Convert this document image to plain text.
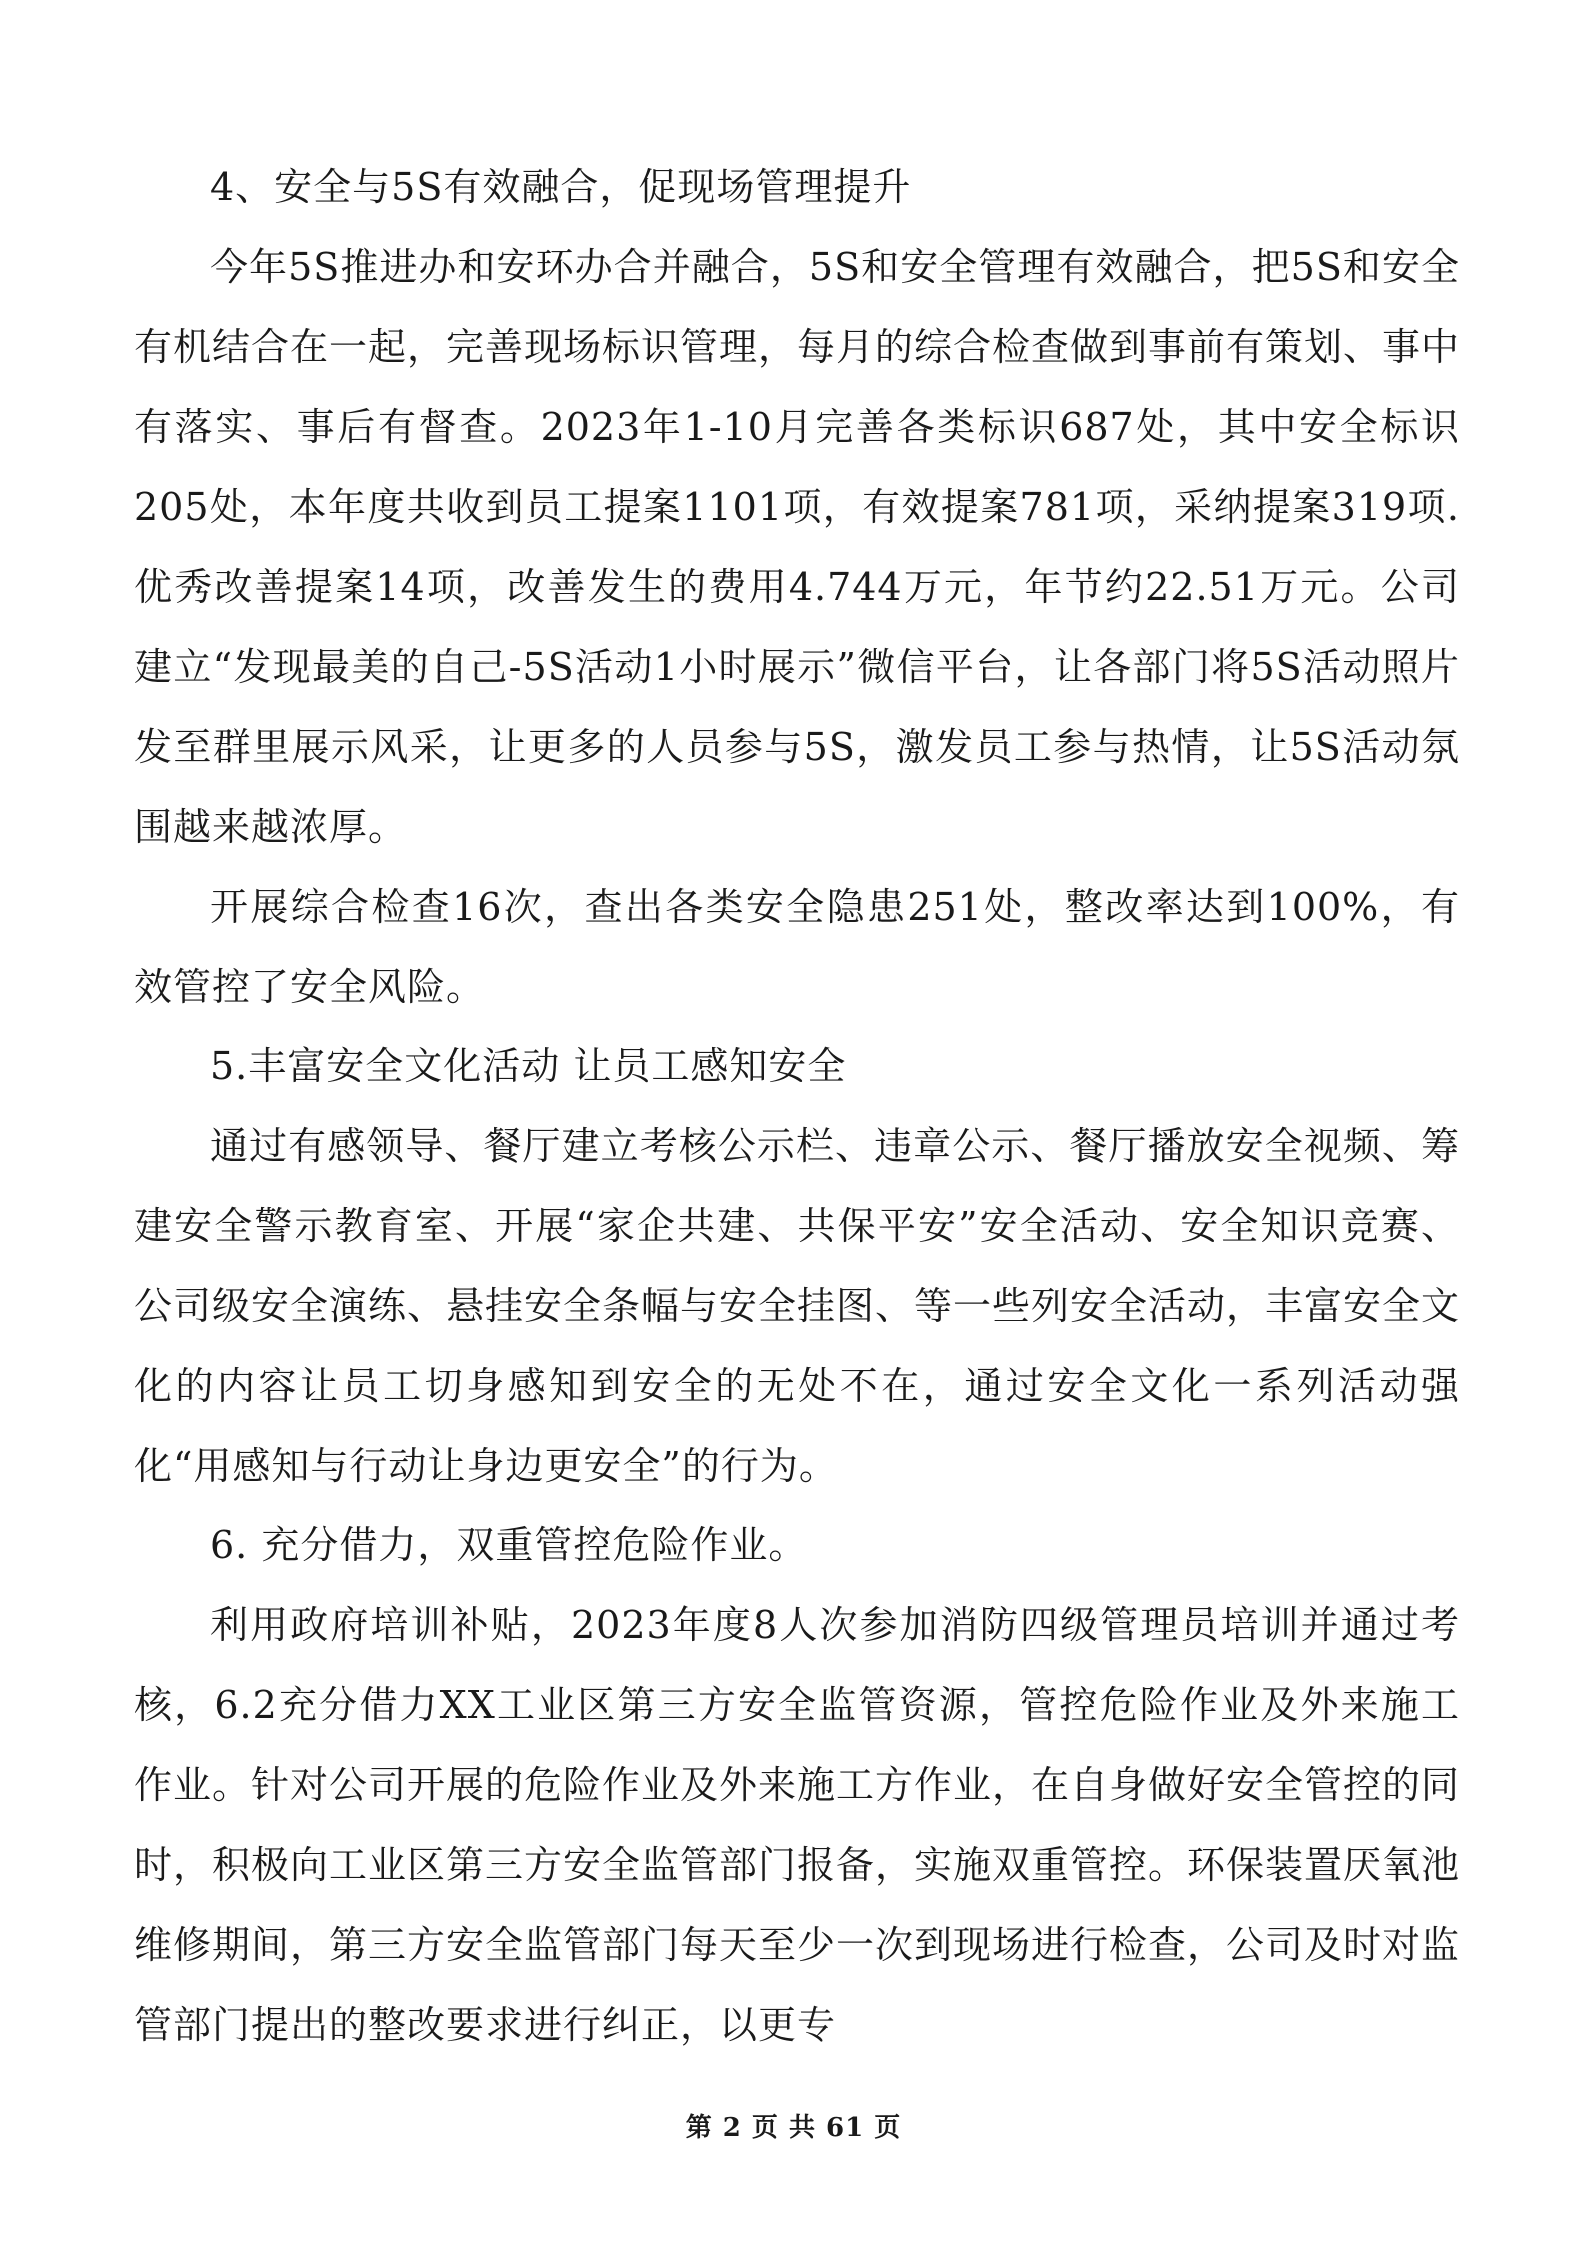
4、安全与5S有效融合，促现场管理提升

今年5S推进办和安环办合并融合，5S和安全管理有效融合，把5S和安全有机结合在一起，完善现场标识管理，每月的综合检查做到事前有策划、事中有落实、事后有督查。2023年1-10月完善各类标识687处，其中安全标识205处，本年度共收到员工提案1101项，有效提案781项，采纳提案319项.优秀改善提案14项，改善发生的费用4.744万元，年节约22.51万元。公司建立“发现最美的自己-5S活动1小时展示”微信平台，让各部门将5S活动照片发至群里展示风采，让更多的人员参与5S，激发员工参与热情，让5S活动氛围越来越浓厚。

开展综合检查16次，查出各类安全隐患251处，整改率达到100%，有效管控了安全风险。

5.丰富安全文化活动 让员工感知安全

通过有感领导、餐厅建立考核公示栏、违章公示、餐厅播放安全视频、筹建安全警示教育室、开展“家企共建、共保平安”安全活动、安全知识竞赛、公司级安全演练、悬挂安全条幅与安全挂图、等一些列安全活动，丰富安全文化的内容让员工切身感知到安全的无处不在，通过安全文化一系列活动强化“用感知与行动让身边更安全”的行为。

6. 充分借力，双重管控危险作业。

利用政府培训补贴，2023年度8人次参加消防四级管理员培训并通过考核，6.2充分借力XX工业区第三方安全监管资源，管控危险作业及外来施工作业。针对公司开展的危险作业及外来施工方作业，在自身做好安全管控的同时，积极向工业区第三方安全监管部门报备，实施双重管控。环保装置厌氧池维修期间，第三方安全监管部门每天至少一次到现场进行检查，公司及时对监管部门提出的整改要求进行纠正，以更专

第 2 页 共 61 页
